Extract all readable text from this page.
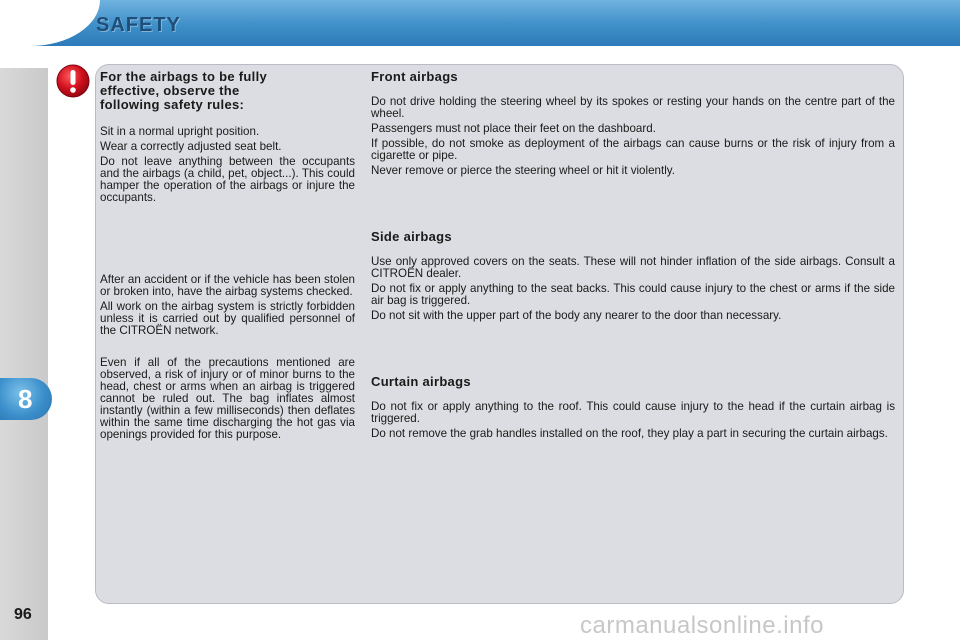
SAFETY
8
96
For the airbags to be fully
effective, observe the
following safety rules:

Sit in a normal upright position.

Wear a correctly adjusted seat belt.

Do not leave anything between the occupants and the airbags (a child, pet, object...). This could hamper the operation of the airbags or injure the occupants.

After an accident or if the vehicle has been stolen or broken into, have the airbag systems checked.

All work on the airbag system is strictly forbidden unless it is carried out by qualified personnel of the CITROËN network.

Even if all of the precautions mentioned are observed, a risk of injury or of minor burns to the head, chest or arms when an airbag is triggered cannot be ruled out. The bag inflates almost instantly (within a few milliseconds) then deflates within the same time discharging the hot gas via openings provided for this purpose.

Front airbags

Do not drive holding the steering wheel by its spokes or resting your hands on the centre part of the wheel.

Passengers must not place their feet on the dashboard.

If possible, do not smoke as deployment of the airbags can cause burns or the risk of injury from a cigarette or pipe.

Never remove or pierce the steering wheel or hit it violently.

Side airbags

Use only approved covers on the seats. These will not hinder inflation of the side airbags. Consult a CITROËN dealer.

Do not fix or apply anything to the seat backs. This could cause injury to the chest or arms if the side air bag is triggered.

Do not sit with the upper part of the body any nearer to the door than necessary.

Curtain airbags

Do not fix or apply anything to the roof. This could cause injury to the head if the curtain airbag is triggered.

Do not remove the grab handles installed on the roof, they play a part in securing the curtain airbags.

carmanualsonline.info
